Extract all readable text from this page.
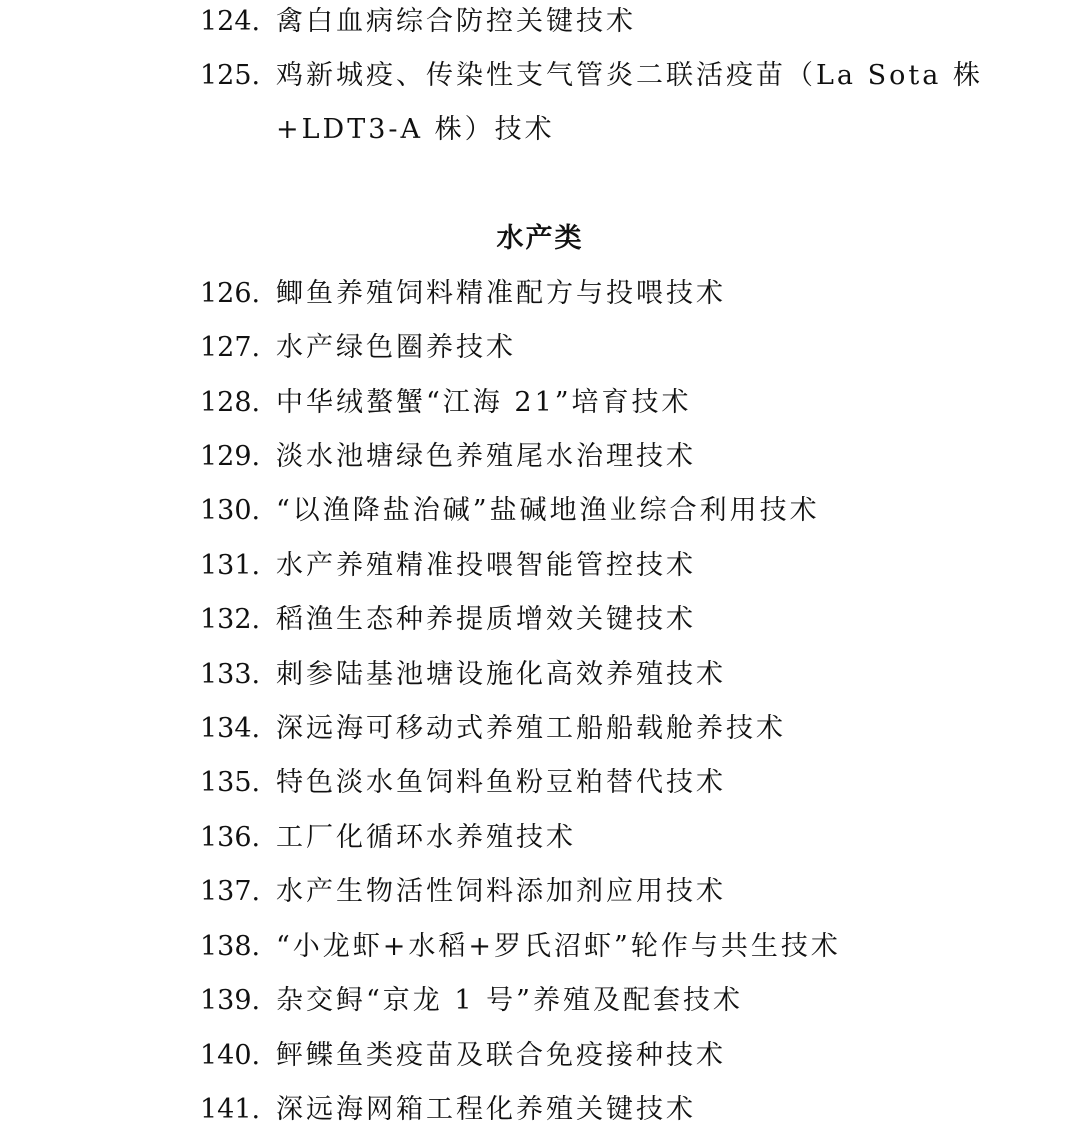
124. 禽白血病综合防控关键技术
125. 鸡新城疫、传染性支气管炎二联活疫苗（La Sota 株
+LDT3-A 株）技术
水产类
126. 鲫鱼养殖饲料精准配方与投喂技术
127. 水产绿色圈养技术
128. 中华绒螯蟹“江海 21”培育技术
129. 淡水池塘绿色养殖尾水治理技术
130. “以渔降盐治碱”盐碱地渔业综合利用技术
131. 水产养殖精准投喂智能管控技术
132. 稻渔生态种养提质增效关键技术
133. 刺参陆基池塘设施化高效养殖技术
134. 深远海可移动式养殖工船船载舱养技术
135. 特色淡水鱼饲料鱼粉豆粕替代技术
136. 工厂化循环水养殖技术
137. 水产生物活性饲料添加剂应用技术
138. “小龙虾+水稻+罗氏沼虾”轮作与共生技术
139. 杂交鲟“京龙 1 号”养殖及配套技术
140. 鲆鲽鱼类疫苗及联合免疫接种技术
141. 深远海网箱工程化养殖关键技术
